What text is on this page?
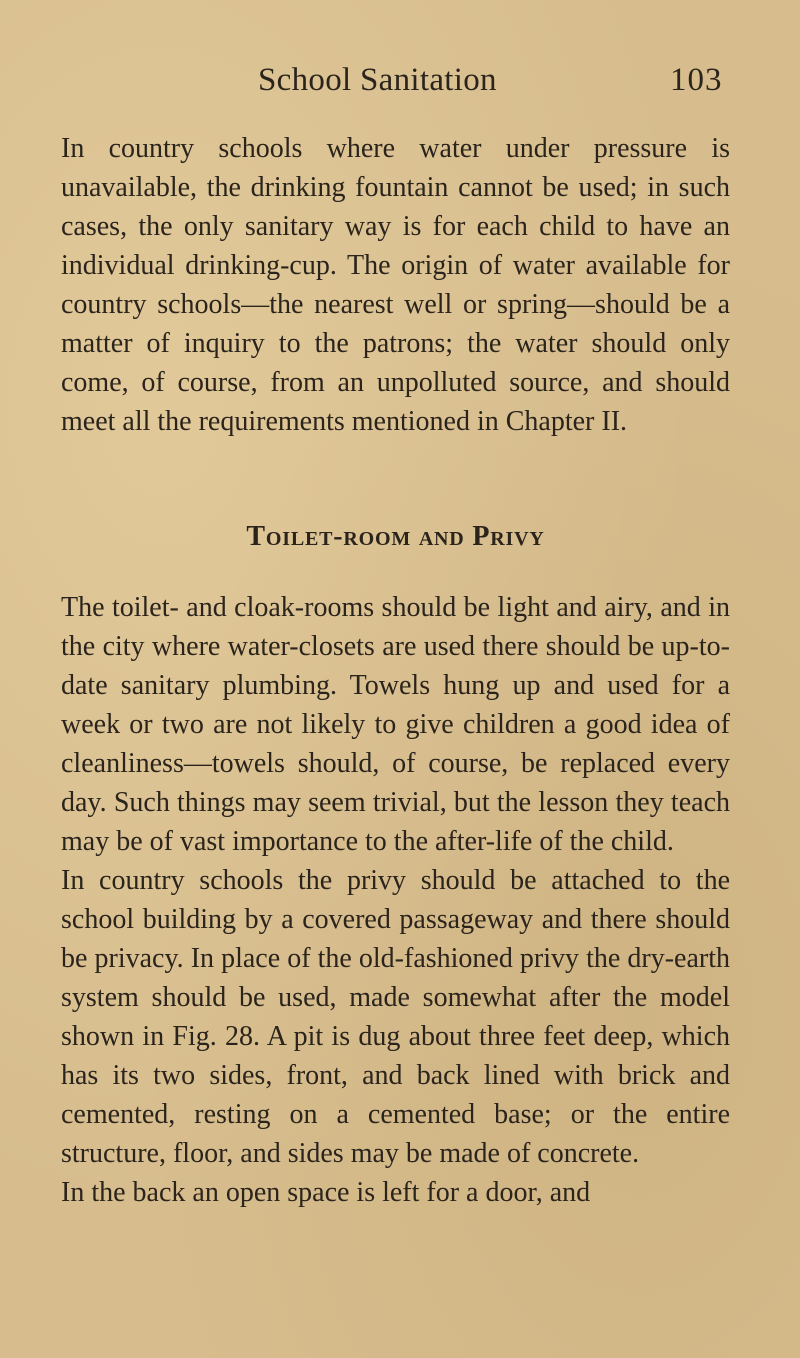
School Sanitation	103

In country schools where water under pressure is unavailable, the drinking fountain cannot be used; in such cases, the only sanitary way is for each child to have an individual drinking-cup. The origin of water available for country schools—the nearest well or spring—should be a matter of inquiry to the patrons; the water should only come, of course, from an unpolluted source, and should meet all the requirements mentioned in Chapter II.

Toilet-room and Privy

The toilet- and cloak-rooms should be light and airy, and in the city where water-closets are used there should be up-to-date sanitary plumbing. Towels hung up and used for a week or two are not likely to give children a good idea of cleanliness—towels should, of course, be replaced every day. Such things may seem trivial, but the lesson they teach may be of vast importance to the after-life of the child.

In country schools the privy should be attached to the school building by a covered passageway and there should be privacy. In place of the old-fashioned privy the dry-earth system should be used, made somewhat after the model shown in Fig. 28. A pit is dug about three feet deep, which has its two sides, front, and back lined with brick and cemented, resting on a cemented base; or the entire structure, floor, and sides may be made of concrete.

In the back an open space is left for a door, and
